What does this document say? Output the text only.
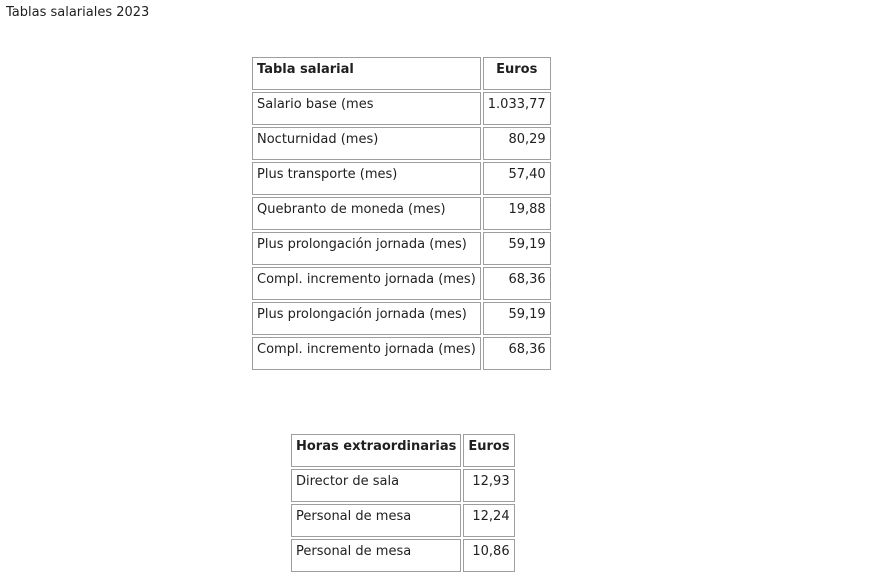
Tablas salariales 2023
Tabla salarial	Euros
Salario base (mes	1.033,77
Nocturnidad (mes)	80,29
Plus transporte (mes)	57,40
Quebranto de moneda (mes)	19,88
Plus prolongación jornada (mes)	59,19
Compl. incremento jornada (mes)	68,36
Plus prolongación jornada (mes)	59,19
Compl. incremento jornada (mes)	68,36
Horas extraordinarias	Euros
Director de sala	12,93
Personal de mesa	12,24
Personal de mesa	10,86
